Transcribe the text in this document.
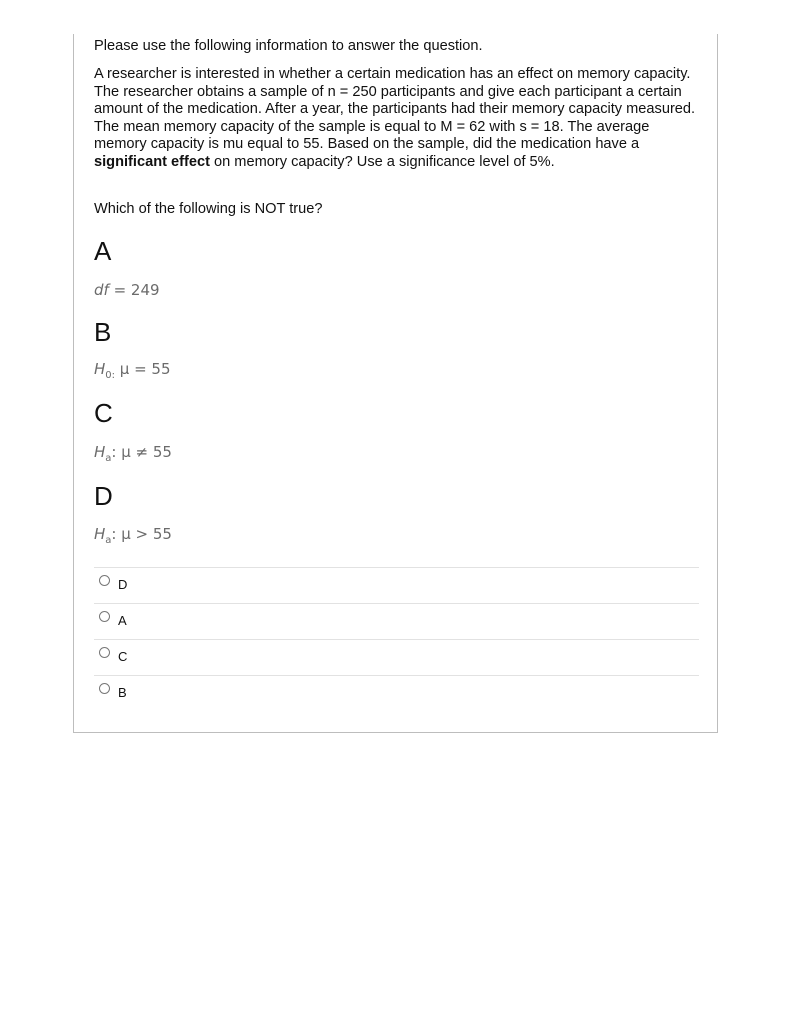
Please use the following information to answer the question.

A researcher is interested in whether a certain medication has an effect on memory capacity. The researcher obtains a sample of n = 250 participants and give each participant a certain amount of the medication. After a year, the participants had their memory capacity measured. The mean memory capacity of the sample is equal to M = 62 with s = 18. The average memory capacity is mu equal to 55. Based on the sample, did the medication have a significant effect on memory capacity? Use a significance level of 5%.

Which of the following is NOT true?

A
df = 249
B
$H_{0:}$ μ = 55
C
$H_a$: μ ≠ 55
D
$H_a$: μ > 55
D
A
C
B
